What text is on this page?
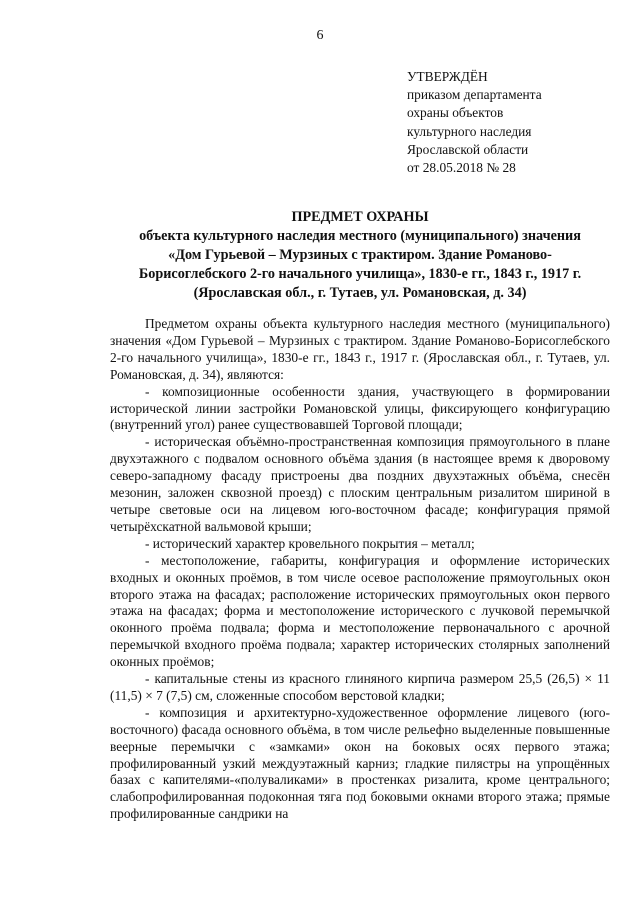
6
УТВЕРЖДЁН
приказом департамента
охраны объектов
культурного наследия
Ярославской области
от 28.05.2018 № 28
ПРЕДМЕТ ОХРАНЫ
объекта культурного наследия местного (муниципального) значения
«Дом Гурьевой – Мурзиных с трактиром. Здание Романово-
Борисоглебского 2-го начального училища», 1830-е гг., 1843 г., 1917 г.
(Ярославская обл., г. Тутаев, ул. Романовская, д. 34)

Предметом охраны объекта культурного наследия местного (муниципального) значения «Дом Гурьевой – Мурзиных с трактиром. Здание Романово-Борисоглебского 2-го начального училища», 1830-е гг., 1843 г., 1917 г. (Ярославская обл., г. Тутаев, ул. Романовская, д. 34), являются:

- композиционные особенности здания, участвующего в формировании исторической линии застройки Романовской улицы, фиксирующего конфигурацию (внутренний угол) ранее существовавшей Торговой площади;

- историческая объёмно-пространственная композиция прямоугольного в плане двухэтажного с подвалом основного объёма здания (в настоящее время к дворовому северо-западному фасаду пристроены два поздних двухэтажных объёма, снесён мезонин, заложен сквозной проезд) с плоским центральным ризалитом шириной в четыре световые оси на лицевом юго-восточном фасаде; конфигурация прямой четырёхскатной вальмовой крыши;

- исторический характер кровельного покрытия – металл;

- местоположение, габариты, конфигурация и оформление исторических входных и оконных проёмов, в том числе осевое расположение прямоугольных окон второго этажа на фасадах; расположение исторических прямоугольных окон первого этажа на фасадах; форма и местоположение исторического с лучковой перемычкой оконного проёма подвала; форма и местоположение первоначального с арочной перемычкой входного проёма подвала; характер исторических столярных заполнений оконных проёмов;

- капитальные стены из красного глиняного кирпича размером 25,5 (26,5) × 11 (11,5) × 7 (7,5) см, сложенные способом верстовой кладки;

- композиция и архитектурно-художественное оформление лицевого (юго-восточного) фасада основного объёма, в том числе рельефно выделенные повышенные веерные перемычки с «замками» окон на боковых осях первого этажа; профилированный узкий междуэтажный карниз; гладкие пилястры на упрощённых базах с капителями-«полуваликами» в простенках ризалита, кроме центрального; слабопрофилированная подоконная тяга под боковыми окнами второго этажа; прямые профилированные сандрики на
